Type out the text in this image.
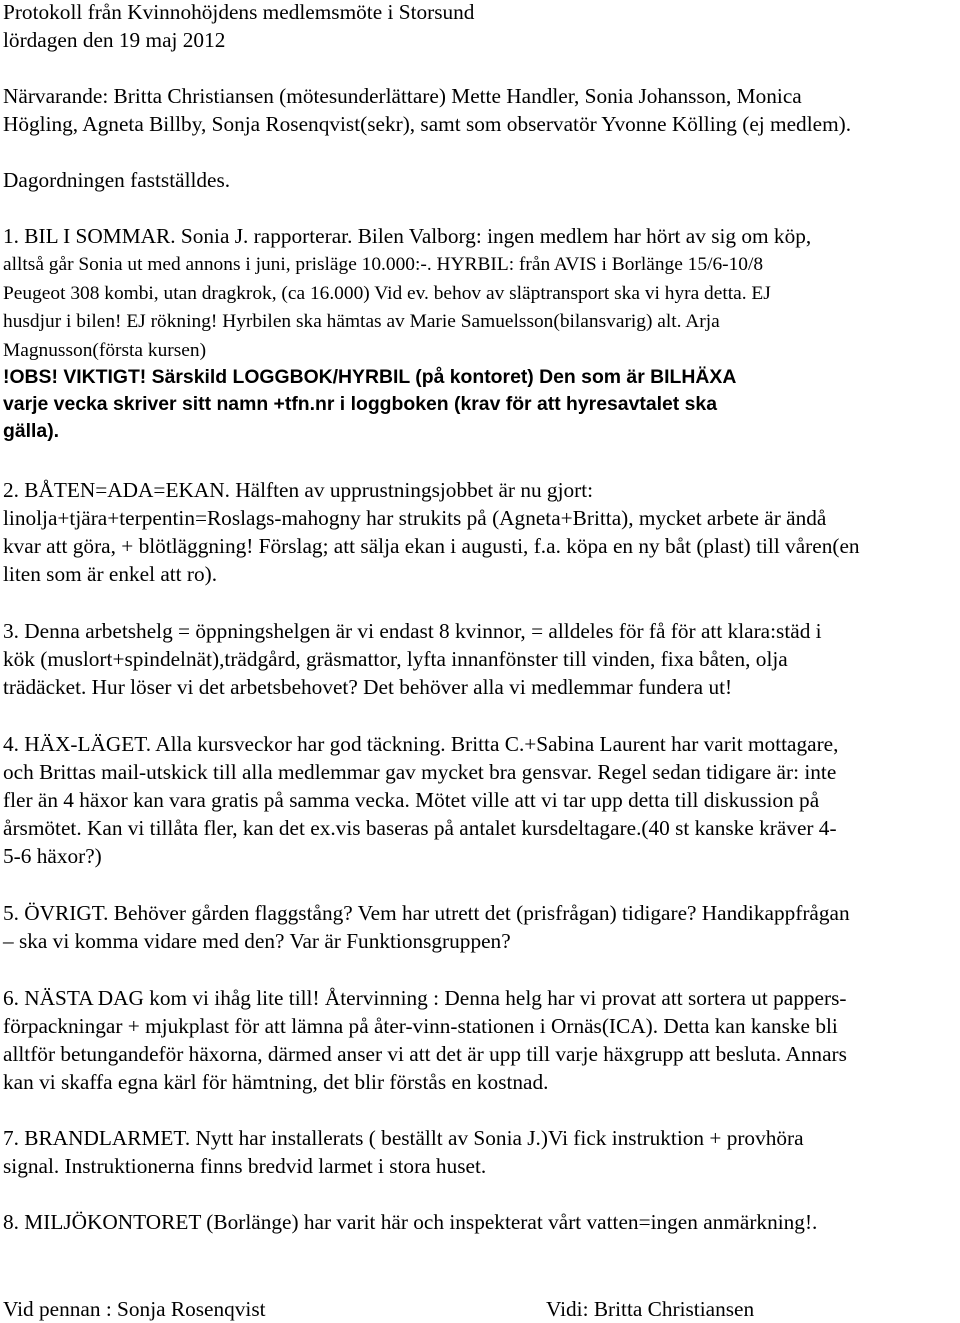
Protokoll från Kvinnohöjdens medlemsmöte i Storsund
lördagen den 19 maj 2012
Närvarande: Britta Christiansen (mötesunderlättare) Mette Handler, Sonia Johansson, Monica
Högling, Agneta Billby, Sonja Rosenqvist(sekr), samt som observatör Yvonne Kölling (ej medlem).
Dagordningen fastställdes.
1. BIL I SOMMAR. Sonia J. rapporterar. Bilen Valborg: ingen medlem har hört av sig om köp,
alltså går Sonia ut med annons i juni, prisläge 10.000:-. HYRBIL: från AVIS i Borlänge 15/6-10/8
Peugeot 308 kombi, utan dragkrok, (ca 16.000) Vid ev. behov av släptransport ska vi hyra detta. EJ
husdjur i bilen! EJ rökning! Hyrbilen ska hämtas av Marie Samuelsson(bilansvarig) alt. Arja
Magnusson(första kursen)
!OBS! VIKTIGT! Särskild LOGGBOK/HYRBIL (på kontoret) Den som är BILHÄXA
varje vecka skriver sitt namn +tfn.nr i loggboken (krav för att hyresavtalet ska
gälla).
2. BÅTEN=ADA=EKAN. Hälften av upprustningsjobbet är nu gjort:
linolja+tjära+terpentin=Roslags-mahogny har strukits på (Agneta+Britta), mycket arbete är ändå
kvar att göra, + blötläggning! Förslag; att sälja ekan i augusti, f.a. köpa en ny båt (plast) till våren(en
liten som är enkel att ro).
3. Denna arbetshelg = öppningshelgen är vi endast 8 kvinnor, = alldeles för få för att klara:städ i
kök (muslort+spindelnät),trädgård, gräsmattor, lyfta innanfönster till vinden, fixa båten, olja
trädäcket. Hur löser vi det arbetsbehovet? Det behöver alla vi medlemmar fundera ut!
4. HÄX-LÄGET. Alla kursveckor har god täckning. Britta C.+Sabina Laurent har varit mottagare,
och Brittas mail-utskick till alla medlemmar gav mycket bra gensvar. Regel sedan tidigare är: inte
fler än 4 häxor kan vara gratis på samma vecka. Mötet ville att vi tar upp detta till diskussion på
årsmötet. Kan vi tillåta fler, kan det ex.vis baseras på antalet kursdeltagare.(40 st kanske kräver 4-
5-6 häxor?)
5. ÖVRIGT. Behöver gården flaggstång? Vem har utrett det (prisfrågan) tidigare? Handikappfrågan
– ska vi komma vidare med den? Var är Funktionsgruppen?
6. NÄSTA DAG kom vi ihåg lite till! Återvinning : Denna helg har vi provat att sortera ut pappers-
förpackningar + mjukplast för att lämna på åter-vinn-stationen i Ornäs(ICA). Detta kan kanske bli
alltför betungandeför häxorna, därmed anser vi att det är upp till varje häxgrupp att besluta. Annars
kan vi skaffa egna kärl för hämtning, det blir förstås en kostnad.
7. BRANDLARMET. Nytt har installerats ( beställt av Sonia J.)Vi fick instruktion + provhöra
signal. Instruktionerna finns bredvid larmet i stora huset.
8. MILJÖKONTORET (Borlänge) har varit här och inspekterat vårt vatten=ingen anmärkning!.
Vid pennan : Sonja Rosenqvist	Vidi: Britta Christiansen
